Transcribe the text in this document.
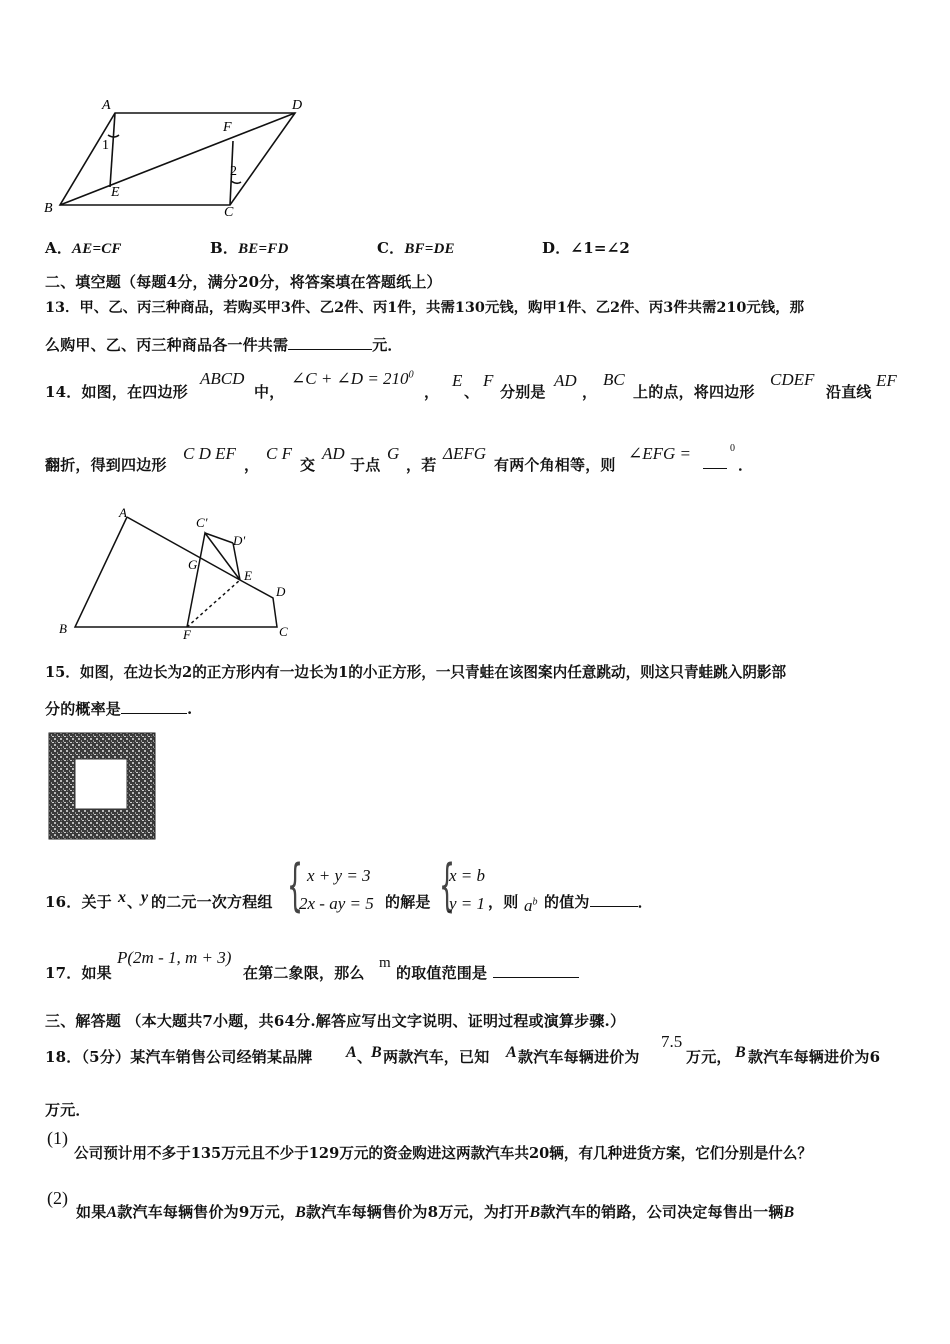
A	D
F
1
2
E
B	C
A．AE=CF	B．BE=FD	C．BF=DE	D．∠1=∠2
二、填空题（每题4分，满分20分，将答案填在答题纸上）
13．甲、乙、丙三种商品，若购买甲3件、乙2件、丙1件，共需130元钱，购甲1件、乙2件、丙3件共需210元钱，那
么购甲、乙、丙三种商品各一件共需	元．
14．如图，在四边形
ABCD
中，
∠C + ∠D = $210^0$
，
E
、
F
分别是
AD
，
BC
上的点，将四边形
CDEF
沿直线
EF
翻折，得到四边形
C D EF
，
C F
交
AD
于点
G
，若
ΔEFG
有两个角相等，则
∠EFG =	0
．
A
C'
D'
G
E
D
B	F	C
15．如图，在边长为2的正方形内有一边长为1的小正方形，一只青蛙在该图案内任意跳动，则这只青蛙跳入阴影部
分的概率是	.
16．关于 x 、
y 的二元一次方程组 { x + y = 3
2x - ay = 5 的解是 {
x = b
y = 1 ，则 $a^b$ 的值为	．
17．如果
P(2m - 1, m + 3)
在第二象限，那么
m
的取值范围是
三、解答题 （本大题共7小题，共64分.解答应写出文字说明、证明过程或演算步骤.）
18．（5分）某汽车销售公司经销某品牌 A 、
B 两款汽车，已知 A 款汽车每辆进价为
7.5
万元， B 款汽车每辆进价为6
万元．
(1)
公司预计用不多于135万元且不少于129万元的资金购进这两款汽车共20辆，有几种进货方案，它们分别是什么？
(2)
如果A款汽车每辆售价为9万元，B款汽车每辆售价为8万元，为打开B款汽车的销路，公司决定每售出一辆B
